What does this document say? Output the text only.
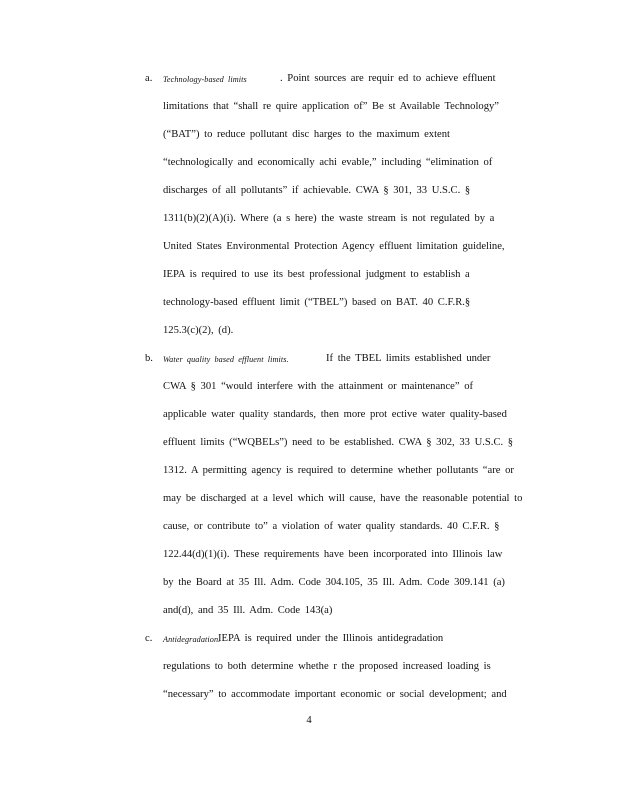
a. Technology-based limits	. Point sources are requir ed to achieve effluent
limitations that “shall re quire application of” Be st Available Technology”
(“BAT”) to reduce pollutant disc harges to the maximum extent
“technologically and economically achi evable,” including “elimination of
discharges of all pollutants” if achievable. CWA § 301, 33 U.S.C. §
1311(b)(2)(A)(i). Where (a s here) the waste stream is not regulated by a
United States Environmental Protection Agency effluent limitation guideline,
IEPA is required to use its best professional judgment to establish a
technology-based effluent limit (“TBEL”) based on BAT. 40 C.F.R.§
125.3(c)(2), (d).
b. Water quality based effluent limits.	If the TBEL limits established under
CWA § 301 “would interfere with the attainment or maintenance” of
applicable water quality standards, then more prot ective water quality-based
effluent limits (“WQBELs”) need to be established. CWA § 302, 33 U.S.C. §
1312. A permitting agency is required to determine whether pollutants “are or
may be discharged at a level which will cause, have the reasonable potential to
cause, or contribute to” a violation of water quality standards. 40 C.F.R. §
122.44(d)(1)(i). These requirements have been incorporated into Illinois law
by the Board at 35 Ill. Adm. Code 304.105, 35 Ill. Adm. Code 309.141 (a)
and(d), and 35 Ill. Adm. Code 143(a)
c. Antidegradation.
IEPA is required under the Illinois antidegradation
regulations to both determine whethe r the proposed increased loading is
“necessary” to accommodate important economic or social development; and
4
